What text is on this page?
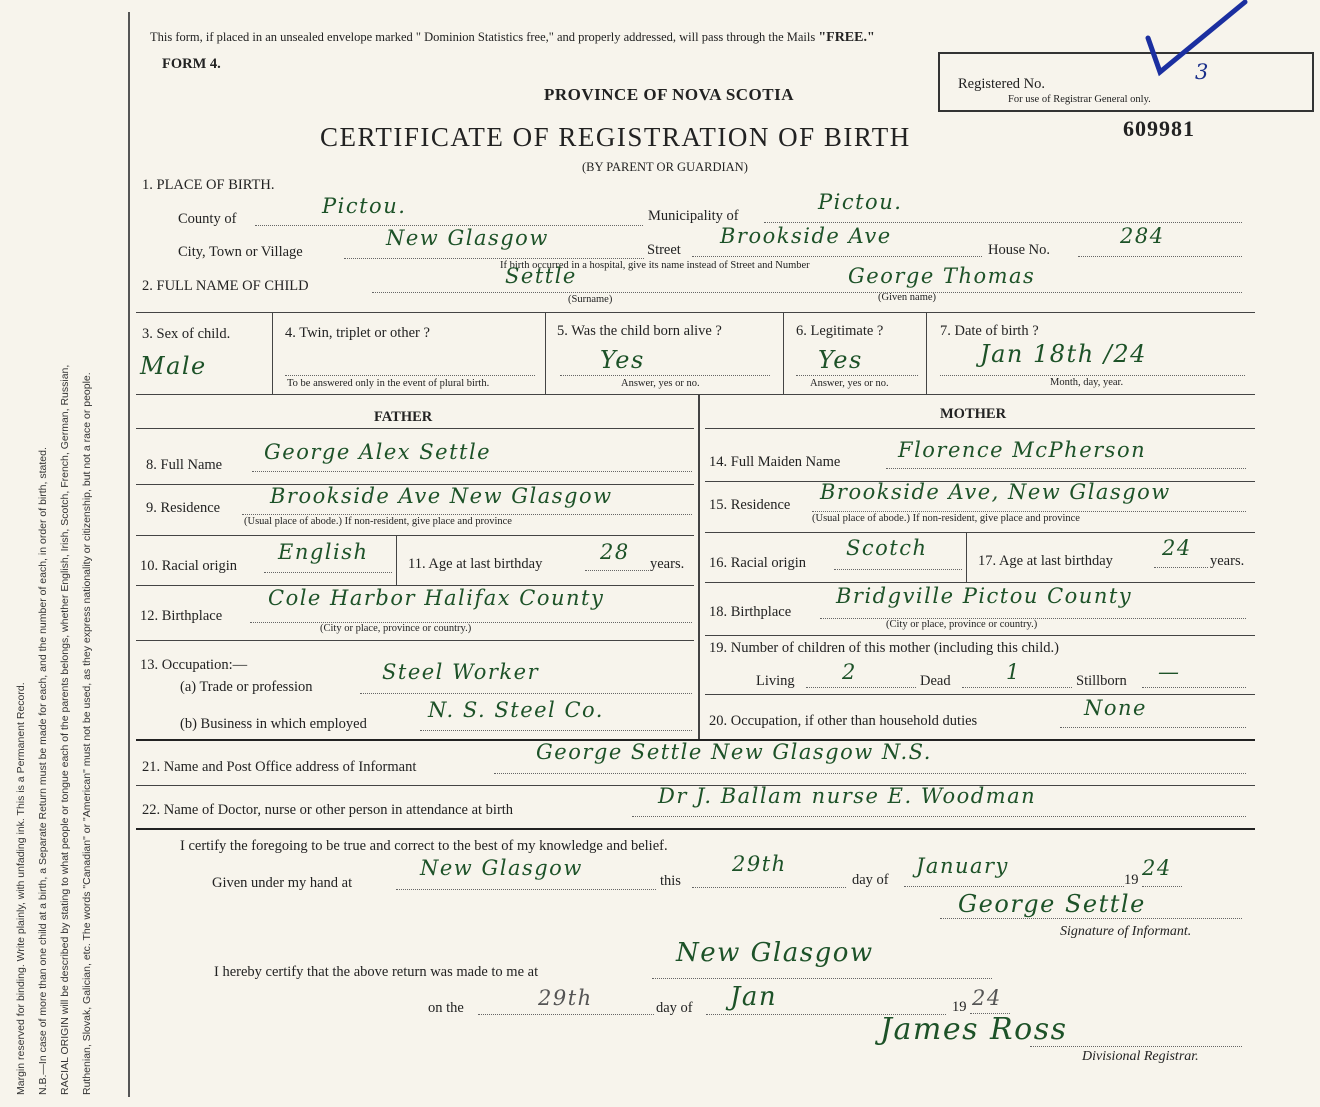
Margin reserved for binding. Write plainly, with unfading ink. This is a Permanent Record. N.B.—In case of more than one child at a birth, a Separate Return must be made for each, and the number of each, in order of birth, stated. RACIAL ORIGIN will be described by stating to what people or tongue each of the parents belongs, whether English, Irish, Scotch, French, German, Russian, Ruthenian, Slovak, Galician, etc. The words "Canadian" or "American" must not be used, as they express nationality or citizenship, but not a race or people.
This form, if placed in an unsealed envelope marked " Dominion Statistics free," and properly addressed, will pass through the Mails "FREE."
FORM 4.
PROVINCE OF NOVA SCOTIA
CERTIFICATE OF REGISTRATION OF BIRTH
(BY PARENT OR GUARDIAN)
Registered No.
For use of Registrar General only.
3
609981
1. PLACE OF BIRTH.
County of
Pictou.	Municipality of
Pictou.
City, Town or Village
New Glasgow	Street
Brookside Ave
House No.
284
If birth occurred in a hospital, give its name instead of Street and Number
2. FULL NAME OF CHILD	Settle
(Surname)
George Thomas
(Given name)
3. Sex of child.
Male
4. Twin, triplet or other ?
To be answered only in the event of plural birth.
5. Was the child born alive ?
Yes
Answer, yes or no.
6. Legitimate ?
Yes
Answer, yes or no.
7. Date of birth ?
Jan 18th /24
Month, day, year.
FATHER	MOTHER
8. Full Name
George Alex Settle
9. Residence Brookside Ave New Glasgow
(Usual place of abode.) If non-resident, give place and province
10. Racial origin
English	11. Age at last birthday	28 years.
12. Birthplace
Cole Harbor Halifax County
(City or place, province or country.)
13. Occupation:—
(a) Trade or profession
Steel Worker
(b) Business in which employed
N. S. Steel Co.
14. Full Maiden Name	Florence McPherson
15. Residence
Brookside Ave, New Glasgow
(Usual place of abode.) If non-resident, give place and province
16. Racial origin
Scotch
17. Age at last birthday
24
years.
18. Birthplace
Bridgville Pictou County
(City or place, province or country.)
19. Number of children of this mother (including this child.)
Living 2	Dead	1	Stillborn —
20. Occupation, if other than household duties
None
21. Name and Post Office address of Informant
George Settle New Glasgow N.S.
22. Name of Doctor, nurse or other person in attendance at birth
Dr J. Ballam nurse E. Woodman
I certify the foregoing to be true and correct to the best of my knowledge and belief.
Given under my hand at
New Glasgow
this
29th
day of
January
19 24
George Settle
Signature of Informant.
I hereby certify that the above return was made to me at
New Glasgow
on the	29th	day of Jan	19 24
James Ross
Divisional Registrar.
